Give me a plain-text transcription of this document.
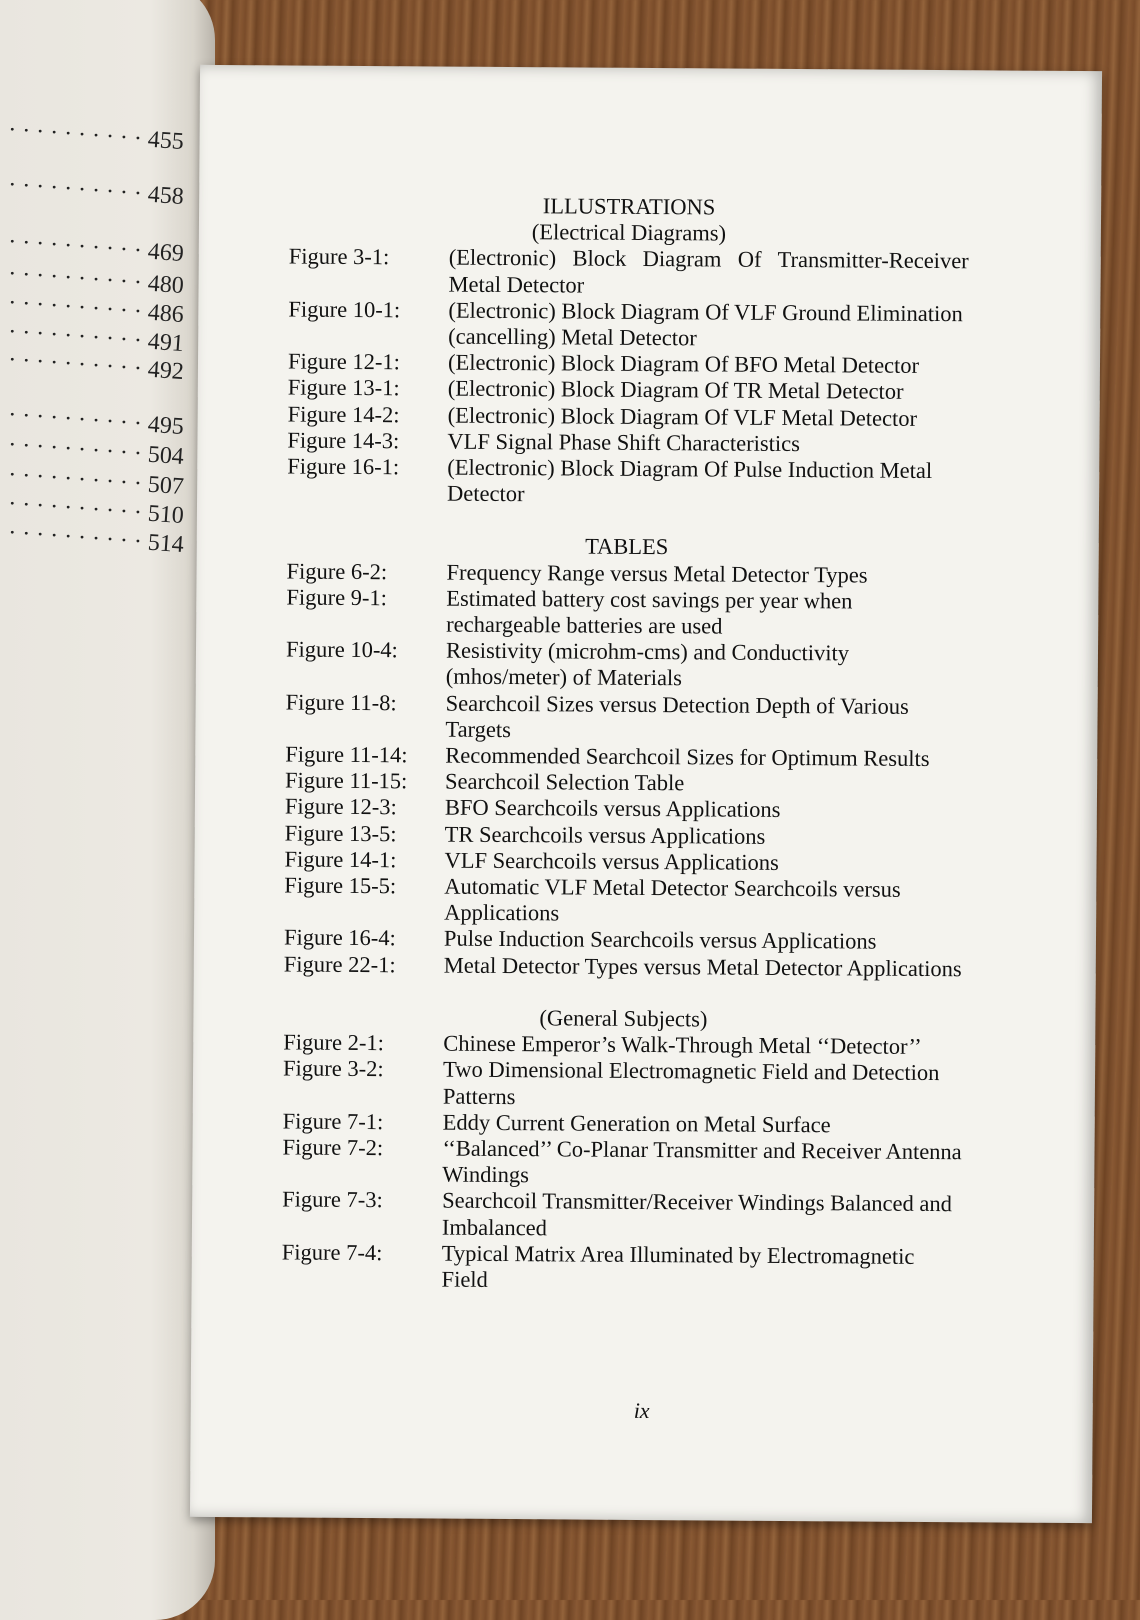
· · · · · · · · · · 455
· · · · · · · · · · 458
· · · · · · · · · · 469
· · · · · · · · · · 480
· · · · · · · · · · 486
· · · · · · · · · · 491
· · · · · · · · · · 492
· · · · · · · · · · 495
· · · · · · · · · · 504
· · · · · · · · · · 507
· · · · · · · · · · 510
· · · · · · · · · · 514

ILLUSTRATIONS

(Electrical Diagrams)

Figure 3-1:	(Electronic) Block Diagram Of Transmitter-Receiver Metal Detector
Figure 10-1:	(Electronic) Block Diagram Of VLF Ground Elimination (cancelling) Metal Detector
Figure 12-1:	(Electronic) Block Diagram Of BFO Metal Detector
Figure 13-1:	(Electronic) Block Diagram Of TR Metal Detector
Figure 14-2:	(Electronic) Block Diagram Of VLF Metal Detector
Figure 14-3:	VLF Signal Phase Shift Characteristics
Figure 16-1:	(Electronic) Block Diagram Of Pulse Induction Metal Detector

TABLES

Figure 6-2:	Frequency Range versus Metal Detector Types
Figure 9-1:	Estimated battery cost savings per year when rechargeable batteries are used
Figure 10-4:	Resistivity (microhm-cms) and Conductivity (mhos/meter) of Materials
Figure 11-8:	Searchcoil Sizes versus Detection Depth of Various Targets
Figure 11-14:	Recommended Searchcoil Sizes for Optimum Results
Figure 11-15:	Searchcoil Selection Table
Figure 12-3:	BFO Searchcoils versus Applications
Figure 13-5:	TR Searchcoils versus Applications
Figure 14-1:	VLF Searchcoils versus Applications
Figure 15-5:	Automatic VLF Metal Detector Searchcoils versus Applications
Figure 16-4:	Pulse Induction Searchcoils versus Applications
Figure 22-1:	Metal Detector Types versus Metal Detector Applications

(General Subjects)

Figure 2-1:	Chinese Emperor’s Walk-Through Metal ‘‘Detector’’
Figure 3-2:	Two Dimensional Electromagnetic Field and Detection Patterns
Figure 7-1:	Eddy Current Generation on Metal Surface
Figure 7-2:	‘‘Balanced’’ Co-Planar Transmitter and Receiver Antenna Windings
Figure 7-3:	Searchcoil Transmitter/Receiver Windings Balanced and Imbalanced
Figure 7-4:	Typical Matrix Area Illuminated by Electromagnetic Field
ix
